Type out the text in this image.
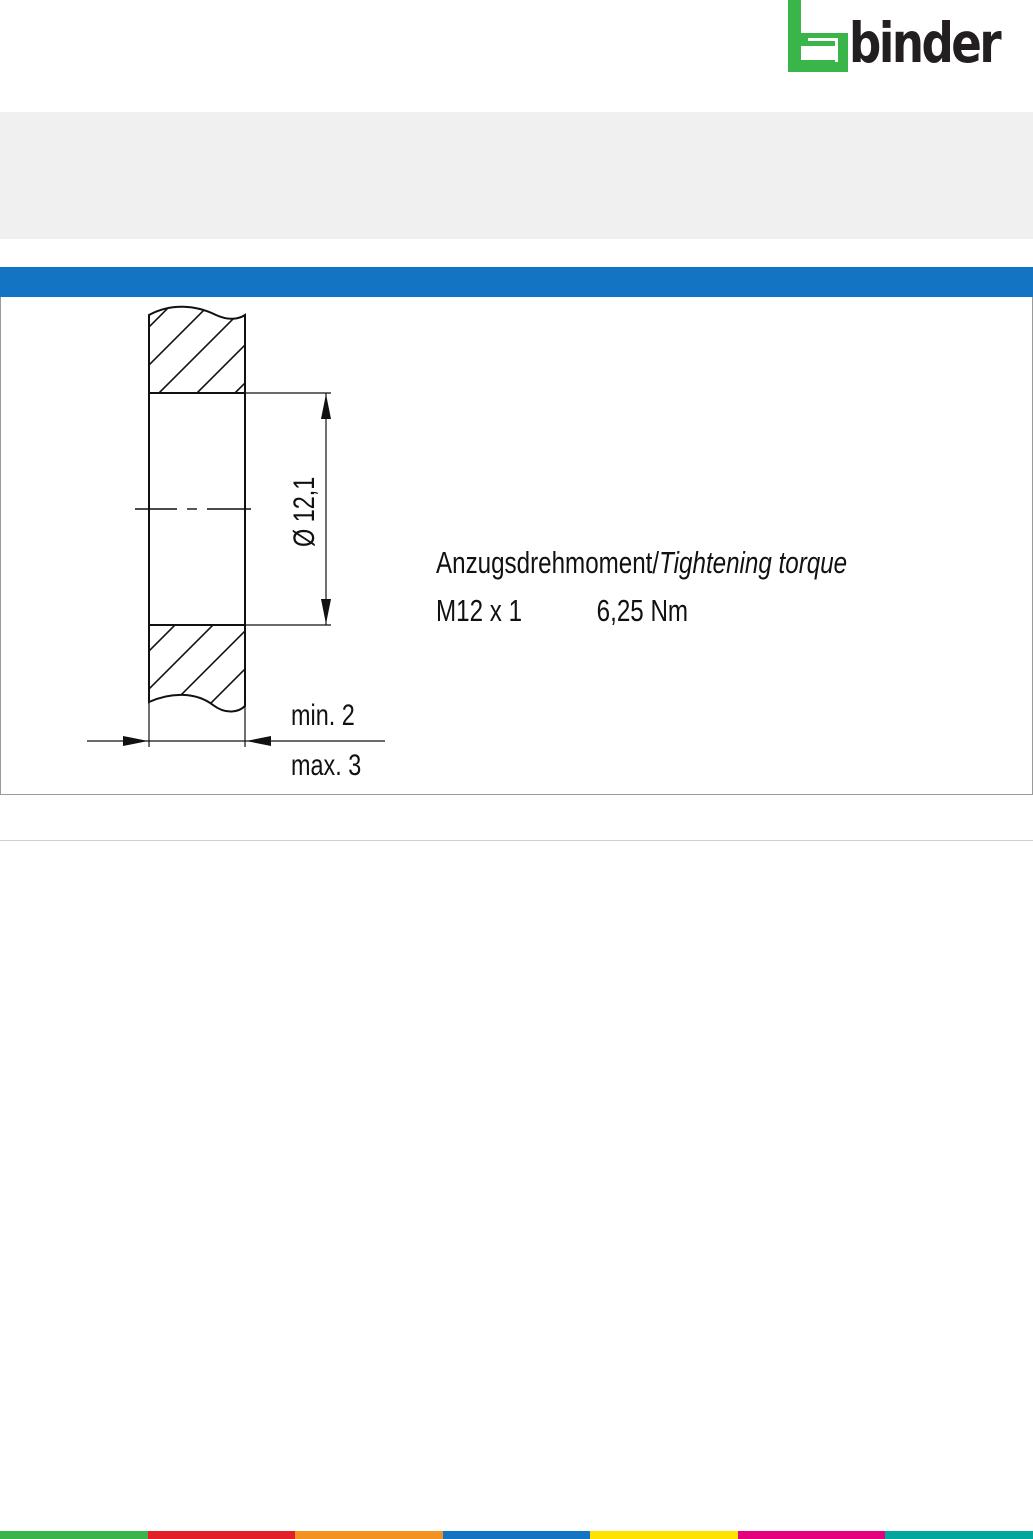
binder
Ø 12,1
min. 2
max. 3
Anzugsdrehmoment/Tightening torque
M12 x 1 6,25 Nm
